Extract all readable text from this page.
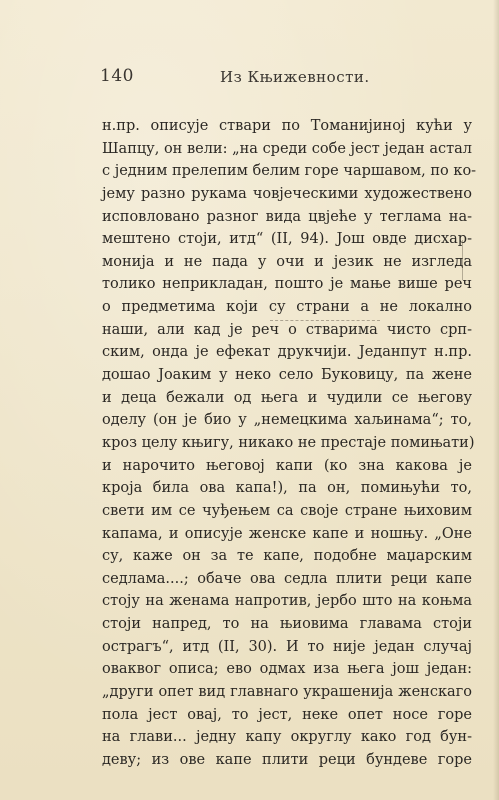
140	Из Књижевности.
н.пр. описује ствари по Томанијиној кући у
Шапцу, он вели: „на среди собе јест један астал
с једним прелепим белим горе чаршавом, по ко-
јему разно рукама човјеческими художествено
исповловано разног вида цвјеће у теглама на-
мештено стоји, итд“ (II, 94). Још овде дисхар-
монија и не пада у очи и језик не изгледа
толико неприкладан, пошто је мање више реч
о предметима који су страни а не локално
наши, али кад је реч о стварима чисто срп-
ским, онда је ефекат друкчији. Једанпут н.пр.
дошао Јоаким у неко село Буковицу, па жене
и деца бежали од њега и чудили се његову
оделу (он је био у „немецкима хаљинама“; то,
кроз целу књигу, никако не престаје помињати)
и нарочито његовој капи (ко зна какова је
кроја била ова капа!), па он, помињући то,
свети им се чуђењем са своје стране њиховим
капама, и описује женске капе и ношњу. „Оне
су, каже он за те капе, подобне маџарским
седлама....; обаче ова седла плити реци капе
стоју на женама напротив, јербо што на коњма
стоји напред, то на њиовима главама стоји
острагъ“, итд (II, 30). И то није један случај
оваквог описа; ево одмах иза њега још један:
„други опет вид главнаго украшенија женскаго
пола јест овај, то јест, неке опет носе горе
на глави... једну капу округлу како год бун-
деву; из ове капе плити реци бундеве горе
